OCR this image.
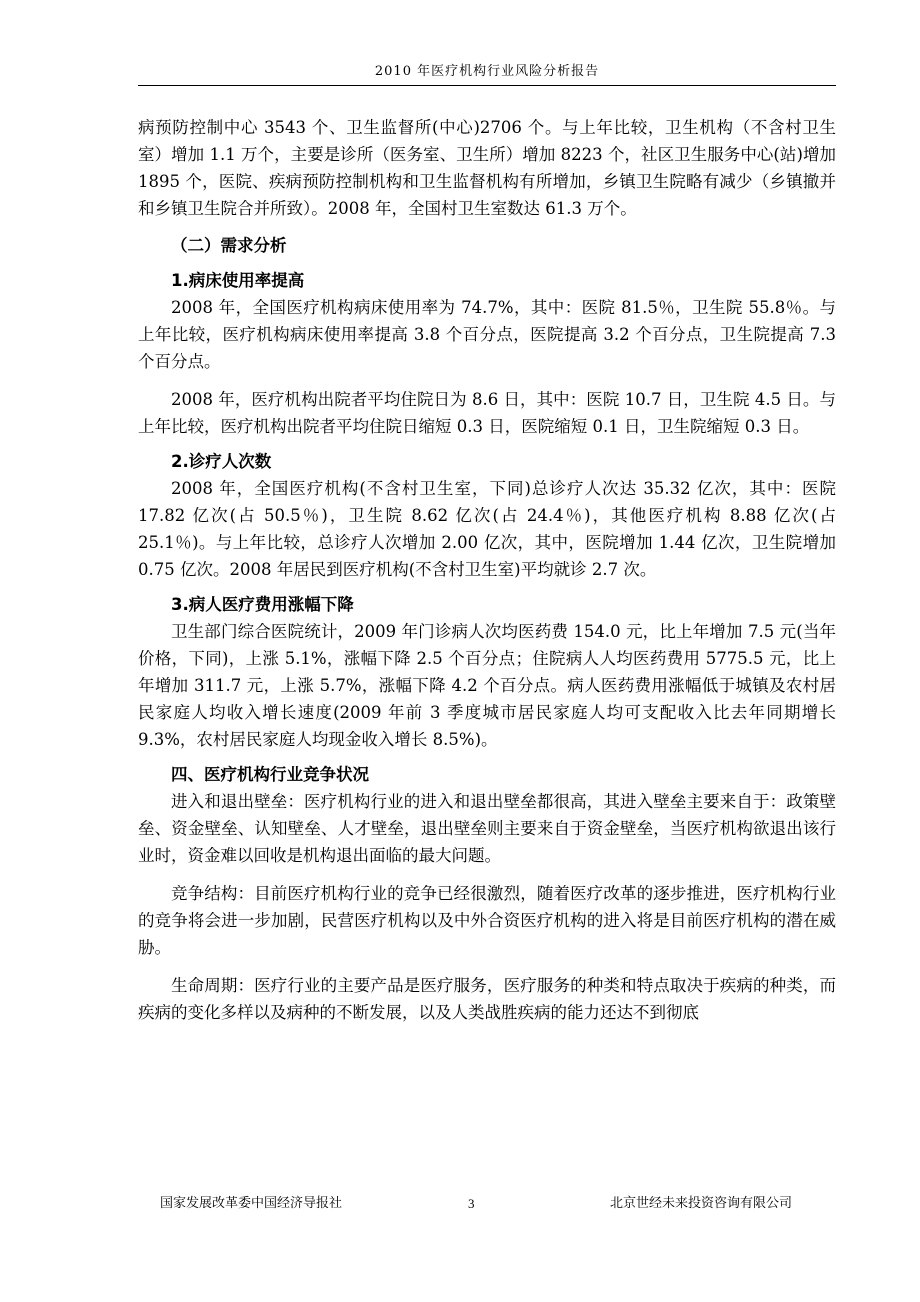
2010 年医疗机构行业风险分析报告

病预防控制中心 3543 个、卫生监督所(中心)2706 个。与上年比较，卫生机构（不含村卫生室）增加 1.1 万个，主要是诊所（医务室、卫生所）增加 8223 个，社区卫生服务中心(站)增加 1895 个，医院、疾病预防控制机构和卫生监督机构有所增加，乡镇卫生院略有减少（乡镇撤并和乡镇卫生院合并所致）。2008 年，全国村卫生室数达 61.3 万个。

（二）需求分析

1.病床使用率提高

2008 年，全国医疗机构病床使用率为 74.7%，其中：医院 81.5％，卫生院 55.8％。与上年比较，医疗机构病床使用率提高 3.8 个百分点，医院提高 3.2 个百分点，卫生院提高 7.3 个百分点。

2008 年，医疗机构出院者平均住院日为 8.6 日，其中：医院 10.7 日，卫生院 4.5 日。与上年比较，医疗机构出院者平均住院日缩短 0.3 日，医院缩短 0.1 日，卫生院缩短 0.3 日。

2.诊疗人次数

2008 年，全国医疗机构(不含村卫生室，下同)总诊疗人次达 35.32 亿次，其中：医院 17.82 亿次(占 50.5％)，卫生院 8.62 亿次(占 24.4％)，其他医疗机构 8.88 亿次(占 25.1％)。与上年比较，总诊疗人次增加 2.00 亿次，其中，医院增加 1.44 亿次，卫生院增加 0.75 亿次。2008 年居民到医疗机构(不含村卫生室)平均就诊 2.7 次。

3.病人医疗费用涨幅下降

卫生部门综合医院统计，2009 年门诊病人次均医药费 154.0 元，比上年增加 7.5 元(当年价格，下同)，上涨 5.1%，涨幅下降 2.5 个百分点；住院病人人均医药费用 5775.5 元，比上年增加 311.7 元，上涨 5.7%，涨幅下降 4.2 个百分点。病人医药费用涨幅低于城镇及农村居民家庭人均收入增长速度(2009 年前 3 季度城市居民家庭人均可支配收入比去年同期增长 9.3%，农村居民家庭人均现金收入增长 8.5%)。

四、医疗机构行业竞争状况

进入和退出壁垒：医疗机构行业的进入和退出壁垒都很高，其进入壁垒主要来自于：政策壁垒、资金壁垒、认知壁垒、人才壁垒，退出壁垒则主要来自于资金壁垒，当医疗机构欲退出该行业时，资金难以回收是机构退出面临的最大问题。

竞争结构：目前医疗机构行业的竞争已经很激烈，随着医疗改革的逐步推进，医疗机构行业的竞争将会进一步加剧，民营医疗机构以及中外合资医疗机构的进入将是目前医疗机构的潜在威胁。

生命周期：医疗行业的主要产品是医疗服务，医疗服务的种类和特点取决于疾病的种类，而疾病的变化多样以及病种的不断发展，以及人类战胜疾病的能力还达不到彻底

国家发展改革委中国经济导报社	3	北京世经未来投资咨询有限公司
